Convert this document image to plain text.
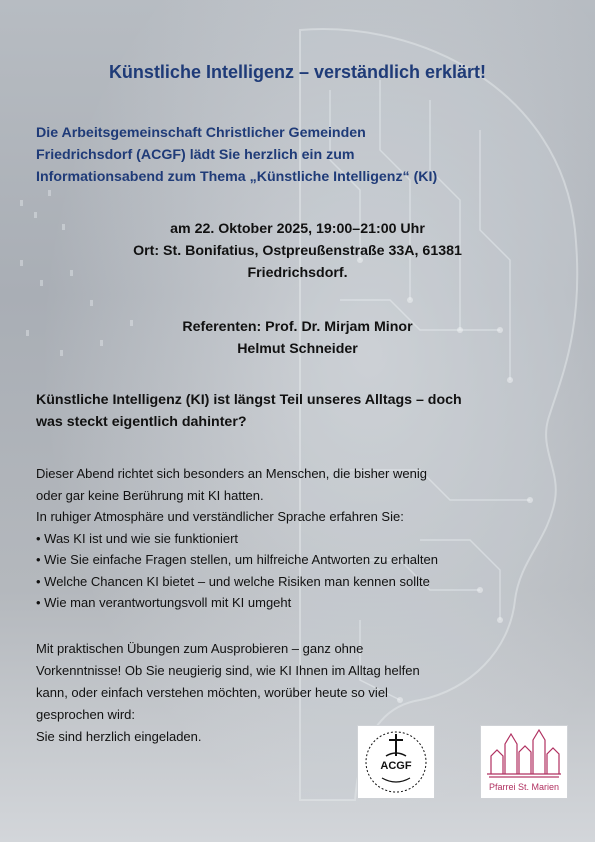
Künstliche Intelligenz – verständlich erklärt!
Die Arbeitsgemeinschaft Christlicher Gemeinden
Friedrichsdorf (ACGF) lädt Sie herzlich ein zum
Informationsabend zum Thema „Künstliche Intelligenz“ (KI)
am 22. Oktober 2025, 19:00–21:00 Uhr
Ort: St. Bonifatius, Ostpreußenstraße 33A, 61381
Friedrichsdorf.
Referenten: Prof. Dr. Mirjam Minor
Helmut Schneider
Künstliche Intelligenz (KI) ist längst Teil unseres Alltags – doch
was steckt eigentlich dahinter?
Dieser Abend richtet sich besonders an Menschen, die bisher wenig
oder gar keine Berührung mit KI hatten.
In ruhiger Atmosphäre und verständlicher Sprache erfahren Sie:
• Was KI ist und wie sie funktioniert
• Wie Sie einfache Fragen stellen, um hilfreiche Antworten zu erhalten
• Welche Chancen KI bietet – und welche Risiken man kennen sollte
• Wie man verantwortungsvoll mit KI umgeht
Mit praktischen Übungen zum Ausprobieren – ganz ohne
Vorkenntnisse! Ob Sie neugierig sind, wie KI Ihnen im Alltag helfen
kann, oder einfach verstehen möchten, worüber heute so viel
gesprochen wird:
Sie sind herzlich eingeladen.
ACGF
Pfarrei St. Marien
